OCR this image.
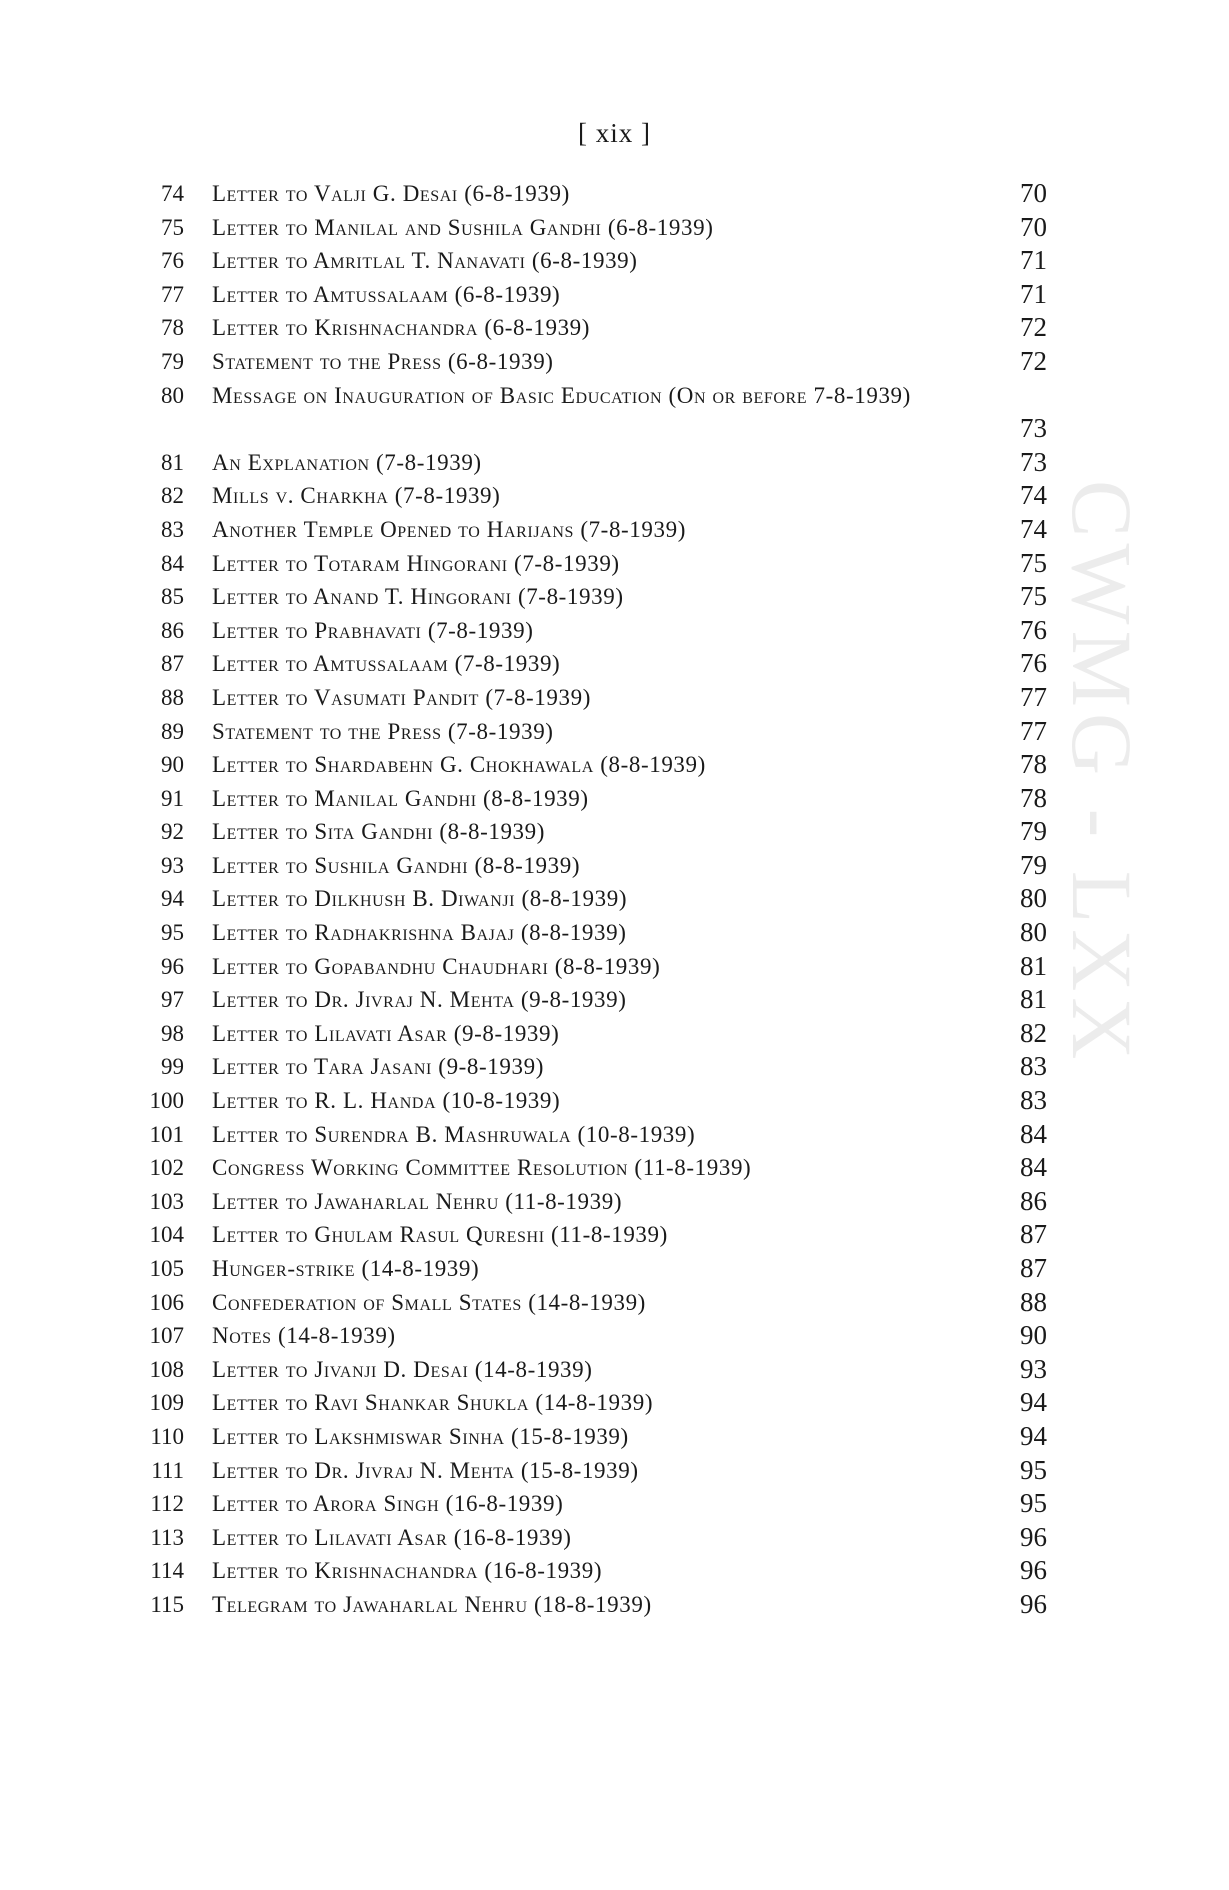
[ xix ]
CWMG - LXX
74 Letter to Valji G. Desai (6-8-1939)	70
75 Letter to Manilal and Sushila Gandhi (6-8-1939)	70
76 Letter to Amritlal T. Nanavati (6-8-1939)	71
77 Letter to Amtussalaam (6-8-1939)	71
78 Letter to Krishnachandra (6-8-1939)	72
79 Statement to the Press (6-8-1939)	72
80 Message on Inauguration of Basic Education (On or before 7-8-1939)
73
81 An Explanation (7-8-1939)	73
82 Mills v. Charkha (7-8-1939)	74
83 Another Temple Opened to Harijans (7-8-1939)	74
84 Letter to Totaram Hingorani (7-8-1939)	75
85 Letter to Anand T. Hingorani (7-8-1939)	75
86 Letter to Prabhavati (7-8-1939)	76
87 Letter to Amtussalaam (7-8-1939)	76
88 Letter to Vasumati Pandit (7-8-1939)	77
89 Statement to the Press (7-8-1939)	77
90 Letter to Shardabehn G. Chokhawala (8-8-1939)	78
91 Letter to Manilal Gandhi (8-8-1939)	78
92 Letter to Sita Gandhi (8-8-1939)	79
93 Letter to Sushila Gandhi (8-8-1939)	79
94 Letter to Dilkhush B. Diwanji (8-8-1939)	80
95 Letter to Radhakrishna Bajaj (8-8-1939)	80
96 Letter to Gopabandhu Chaudhari (8-8-1939)	81
97 Letter to Dr. Jivraj N. Mehta (9-8-1939)	81
98 Letter to Lilavati Asar (9-8-1939)	82
99 Letter to Tara Jasani (9-8-1939)	83
100 Letter to R. L. Handa (10-8-1939)	83
101 Letter to Surendra B. Mashruwala (10-8-1939)	84
102 Congress Working Committee Resolution (11-8-1939)	84
103 Letter to Jawaharlal Nehru (11-8-1939)	86
104 Letter to Ghulam Rasul Qureshi (11-8-1939)	87
105 Hunger-strike (14-8-1939)	87
106 Confederation of Small States (14-8-1939)	88
107 Notes (14-8-1939)	90
108 Letter to Jivanji D. Desai (14-8-1939)	93
109 Letter to Ravi Shankar Shukla (14-8-1939)	94
110 Letter to Lakshmiswar Sinha (15-8-1939)	94
111 Letter to Dr. Jivraj N. Mehta (15-8-1939)	95
112 Letter to Arora Singh (16-8-1939)	95
113 Letter to Lilavati Asar (16-8-1939)	96
114 Letter to Krishnachandra (16-8-1939)	96
115 Telegram to Jawaharlal Nehru (18-8-1939)	96
